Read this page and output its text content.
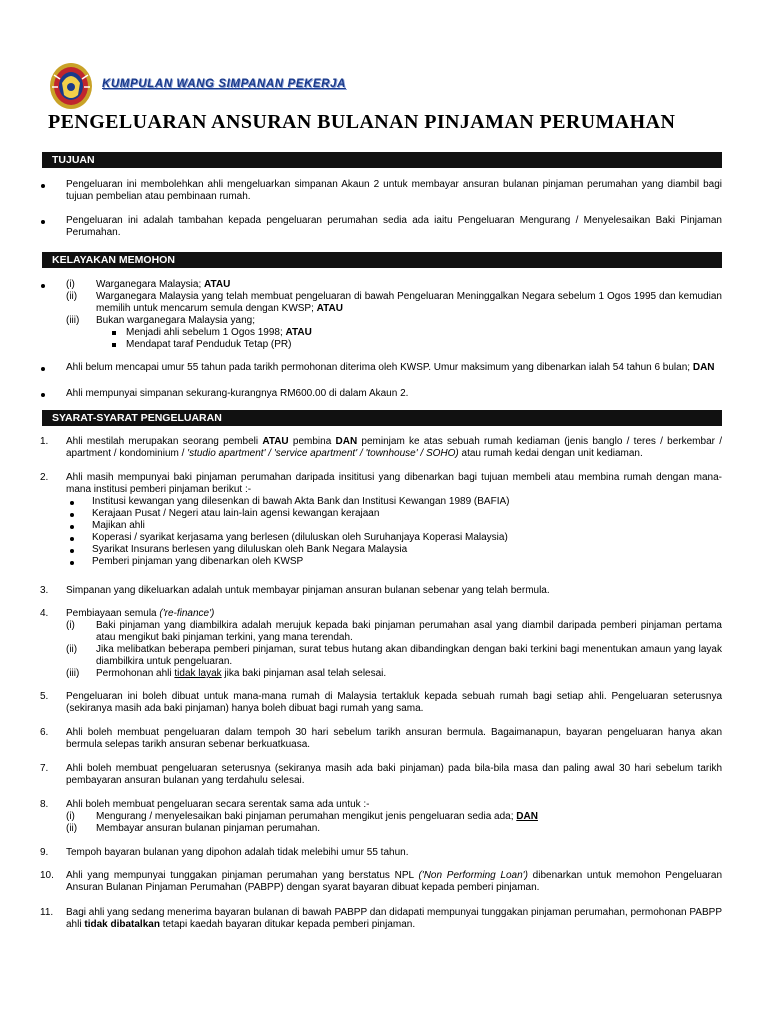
KUMPULAN WANG SIMPANAN PEKERJA
PENGELUARAN ANSURAN BULANAN PINJAMAN PERUMAHAN
TUJUAN
Pengeluaran ini membolehkan ahli mengeluarkan simpanan Akaun 2 untuk membayar ansuran bulanan pinjaman perumahan yang diambil bagi tujuan pembelian atau pembinaan rumah.
Pengeluaran ini adalah tambahan kepada pengeluaran perumahan sedia ada iaitu Pengeluaran Mengurang / Menyelesaikan Baki Pinjaman Perumahan.
KELAYAKAN MEMOHON
(i)	Warganegara Malaysia; ATAU
(ii)	Warganegara Malaysia yang telah membuat pengeluaran di bawah Pengeluaran Meninggalkan Negara sebelum 1 Ogos 1995 dan kemudian memilih untuk mencarum semula dengan KWSP; ATAU
(iii)	Bukan warganegara Malaysia yang;
Menjadi ahli sebelum 1 Ogos 1998; ATAU
Mendapat taraf Penduduk Tetap (PR)
Ahli belum mencapai umur 55 tahun pada tarikh permohonan diterima oleh KWSP. Umur maksimum yang dibenarkan ialah 54 tahun 6 bulan; DAN
Ahli mempunyai simpanan sekurang-kurangnya RM600.00 di dalam Akaun 2.
SYARAT-SYARAT PENGELUARAN
1.	Ahli mestilah merupakan seorang pembeli ATAU pembina DAN peminjam ke atas sebuah rumah kediaman (jenis banglo / teres / berkembar / apartment / kondominium / 'studio apartment' / 'service apartment' / 'townhouse' / SOHO) atau rumah kedai dengan unit kediaman.
2.	Ahli masih mempunyai baki pinjaman perumahan daripada insititusi yang dibenarkan bagi tujuan membeli atau membina rumah dengan mana-mana institusi pemberi pinjaman berikut :-
Institusi kewangan yang dilesenkan di bawah Akta Bank dan Institusi Kewangan 1989 (BAFIA)
Kerajaan Pusat / Negeri atau lain-lain agensi kewangan kerajaan
Majikan ahli
Koperasi / syarikat kerjasama yang berlesen (diluluskan oleh Suruhanjaya Koperasi Malaysia)
Syarikat Insurans berlesen yang diluluskan oleh Bank Negara Malaysia
Pemberi pinjaman yang dibenarkan oleh KWSP
3.	Simpanan yang dikeluarkan adalah untuk membayar pinjaman ansuran bulanan sebenar yang telah bermula.
4.	Pembiayaan semula ('re-finance')
(i)	Baki pinjaman yang diambilkira adalah merujuk kepada baki pinjaman perumahan asal yang diambil daripada pemberi pinjaman pertama atau mengikut baki pinjaman terkini, yang mana terendah.
(ii)	Jika melibatkan beberapa pemberi pinjaman, surat tebus hutang akan dibandingkan dengan baki terkini bagi menentukan amaun yang layak diambilkira untuk pengeluaran.
(iii)	Permohonan ahli tidak layak jika baki pinjaman asal telah selesai.
5.	Pengeluaran ini boleh dibuat untuk mana-mana rumah di Malaysia tertakluk kepada sebuah rumah bagi setiap ahli. Pengeluaran seterusnya (sekiranya masih ada baki pinjaman) hanya boleh dibuat bagi rumah yang sama.
6.	Ahli boleh membuat pengeluaran dalam tempoh 30 hari sebelum tarikh ansuran bermula. Bagaimanapun, bayaran pengeluaran hanya akan bermula selepas tarikh ansuran sebenar berkuatkuasa.
7.	Ahli boleh membuat pengeluaran seterusnya (sekiranya masih ada baki pinjaman) pada bila-bila masa dan paling awal 30 hari sebelum tarikh pembayaran ansuran bulanan yang terdahulu selesai.
8.	Ahli boleh membuat pengeluaran secara serentak sama ada untuk :-
(i)	Mengurang / menyelesaikan baki pinjaman perumahan mengikut jenis pengeluaran sedia ada; DAN
(ii)	Membayar ansuran bulanan pinjaman perumahan.
9.	Tempoh bayaran bulanan yang dipohon adalah tidak melebihi umur 55 tahun.
10.	Ahli yang mempunyai tunggakan pinjaman perumahan yang berstatus NPL ('Non Performing Loan') dibenarkan untuk memohon Pengeluaran Ansuran Bulanan Pinjaman Perumahan (PABPP) dengan syarat bayaran dibuat kepada pemberi pinjaman.
11.	Bagi ahli yang sedang menerima bayaran bulanan di bawah PABPP dan didapati mempunyai tunggakan pinjaman perumahan, permohonan PABPP ahli tidak dibatalkan tetapi kaedah bayaran ditukar kepada pemberi pinjaman.
